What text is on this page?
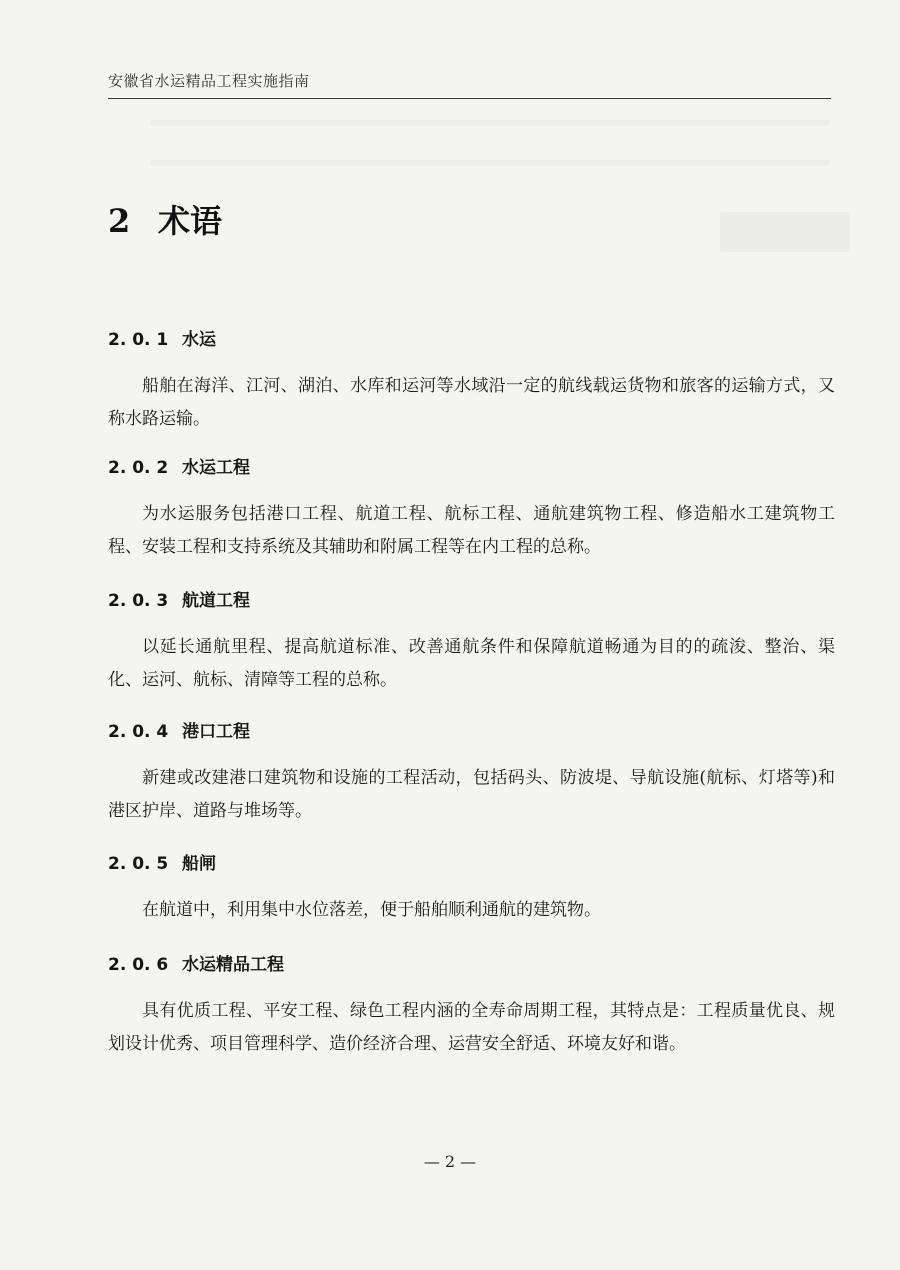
安徽省水运精品工程实施指南
2 术语
2. 0. 1 水运
船舶在海洋、江河、湖泊、水库和运河等水域沿一定的航线载运货物和旅客的运输方式，又称水路运输。
2. 0. 2 水运工程
为水运服务包括港口工程、航道工程、航标工程、通航建筑物工程、修造船水工建筑物工程、安装工程和支持系统及其辅助和附属工程等在内工程的总称。
2. 0. 3 航道工程
以延长通航里程、提高航道标准、改善通航条件和保障航道畅通为目的的疏浚、整治、渠化、运河、航标、清障等工程的总称。
2. 0. 4 港口工程
新建或改建港口建筑物和设施的工程活动，包括码头、防波堤、导航设施(航标、灯塔等)和港区护岸、道路与堆场等。
2. 0. 5 船闸
在航道中，利用集中水位落差，便于船舶顺利通航的建筑物。
2. 0. 6 水运精品工程
具有优质工程、平安工程、绿色工程内涵的全寿命周期工程，其特点是：工程质量优良、规划设计优秀、项目管理科学、造价经济合理、运营安全舒适、环境友好和谐。
— 2 —
